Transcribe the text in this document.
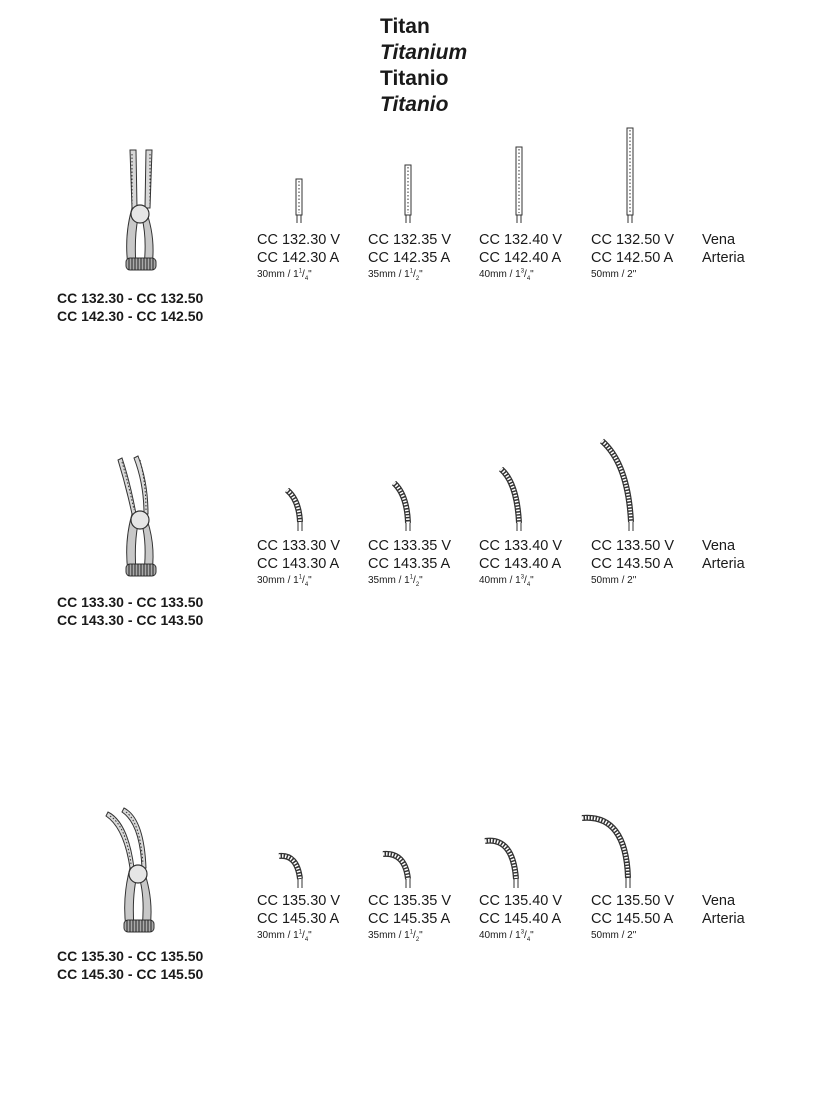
Titan
Titanium
Titanio
Titanio
CC 132.30 - CC 132.50
CC 142.30 - CC 142.50
CC 132.30 V
CC 142.30 A
$30mm / 1^1/_4$"
CC 132.35 V
CC 142.35 A
$35mm / 1^1/_2$"
CC 132.40 V
CC 142.40 A
$40mm / 1^3/_4$"
CC 132.50 V
CC 142.50 A
50mm / 2"
Vena
Arteria
CC 133.30 - CC 133.50
CC 143.30 - CC 143.50
CC 133.30 V
CC 143.30 A
$30mm / 1^1/_4$"
CC 133.35 V
CC 143.35 A
$35mm / 1^1/_2$"
CC 133.40 V
CC 143.40 A
$40mm / 1^3/_4$"
CC 133.50 V
CC 143.50 A
50mm / 2"
Vena
Arteria
CC 135.30 - CC 135.50
CC 145.30 - CC 145.50
CC 135.30 V
CC 145.30 A
$30mm / 1^1/_4$"
CC 135.35 V
CC 145.35 A
$35mm / 1^1/_2$"
CC 135.40 V
CC 145.40 A
$40mm / 1^3/_4$"
CC 135.50 V
CC 145.50 A
50mm / 2"
Vena
Arteria
